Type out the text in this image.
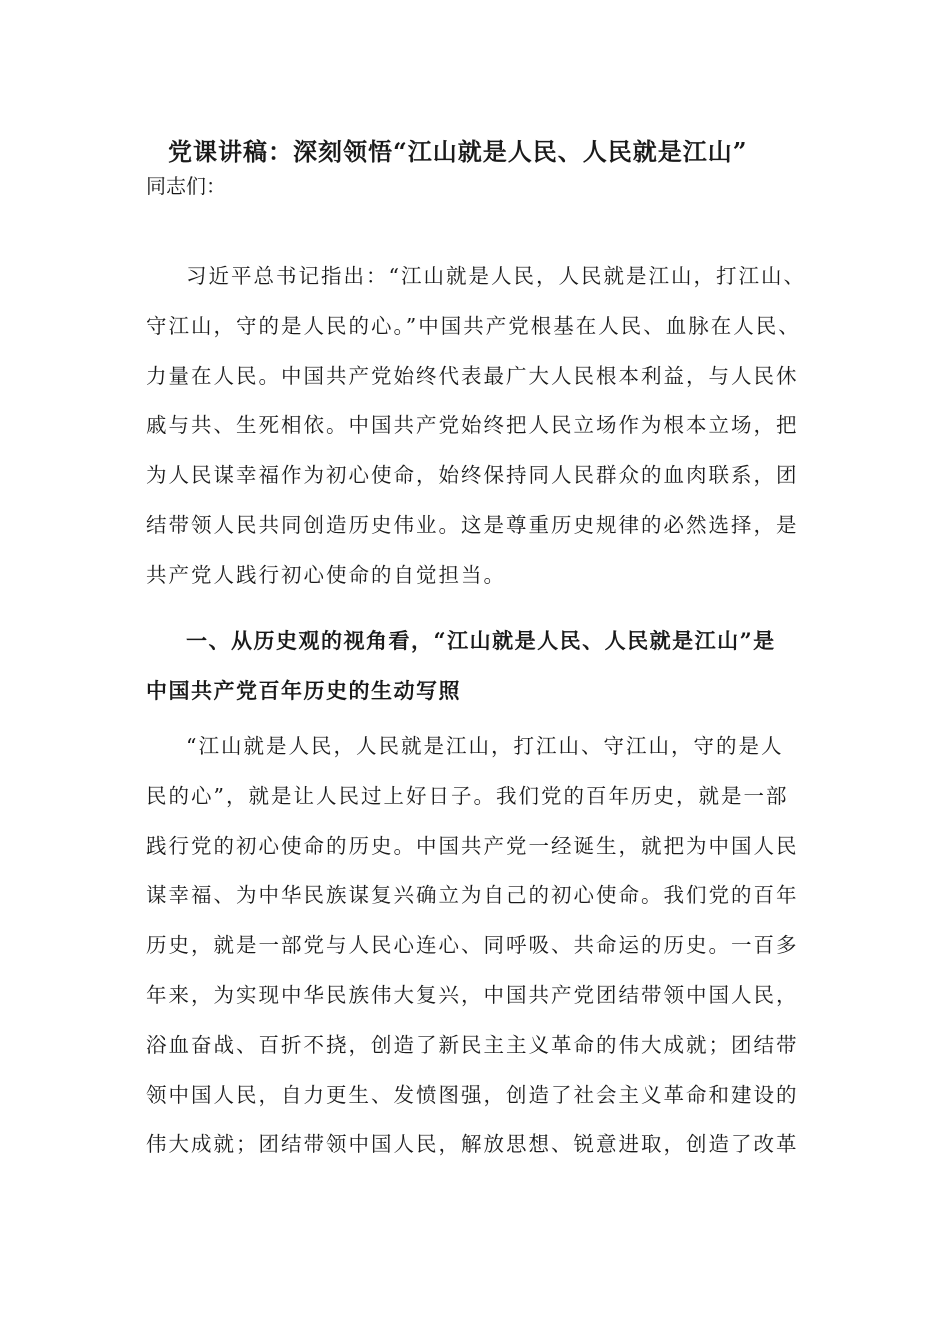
党课讲稿：深刻领悟“江山就是人民、人民就是江山”
同志们：
习近平总书记指出：“江山就是人民，人民就是江山，打江山、
守江山，守的是人民的心。”中国共产党根基在人民、血脉在人民、
力量在人民。中国共产党始终代表最广大人民根本利益，与人民休
戚与共、生死相依。中国共产党始终把人民立场作为根本立场，把
为人民谋幸福作为初心使命，始终保持同人民群众的血肉联系，团
结带领人民共同创造历史伟业。这是尊重历史规律的必然选择，是
共产党人践行初心使命的自觉担当。
一、从历史观的视角看，“江山就是人民、人民就是江山”是
中国共产党百年历史的生动写照
“江山就是人民，人民就是江山，打江山、守江山，守的是人
民的心”，就是让人民过上好日子。我们党的百年历史，就是一部
践行党的初心使命的历史。中国共产党一经诞生，就把为中国人民
谋幸福、为中华民族谋复兴确立为自己的初心使命。我们党的百年
历史，就是一部党与人民心连心、同呼吸、共命运的历史。一百多
年来，为实现中华民族伟大复兴，中国共产党团结带领中国人民，
浴血奋战、百折不挠，创造了新民主主义革命的伟大成就；团结带
领中国人民，自力更生、发愤图强，创造了社会主义革命和建设的
伟大成就；团结带领中国人民，解放思想、锐意进取，创造了改革
